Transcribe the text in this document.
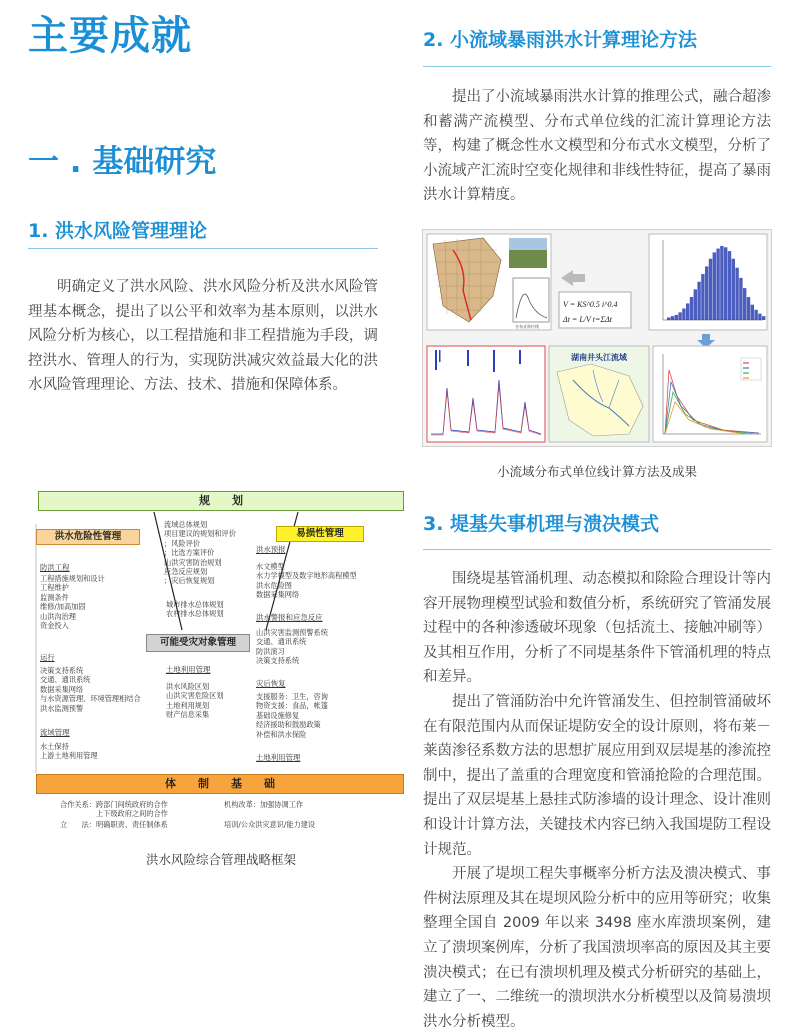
主要成就
一 . 基础研究
1. 洪水风险管理理论

明确定义了洪水风险、洪水风险分析及洪水风险管理基本概念，提出了以公平和效率为基本原则，以洪水风险分析为核心，以工程措施和非工程措施为手段，调控洪水、管理人的行为，实现防洪减灾效益最大化的洪水风险管理理论、方法、技术、措施和保障体系。

2. 小流域暴雨洪水计算理论方法

提出了小流域暴雨洪水计算的推理公式，融合超渗和蓄满产流模型、分布式单位线的汇流计算理论方法等，构建了概念性水文模型和分布式水文模型，分析了小流域产汇流时空变化规律和非线性特征，提高了暴雨洪水计算精度。

分布式单位线
V = KS^0.5 i^0.4
Δt = L/V t=ΣΔt
湖南井头江流域
小流域分布式单位线计算方法及成果
3. 堤基失事机理与溃决模式

围绕堤基管涌机理、动态模拟和除险合理设计等内容开展物理模型试验和数值分析，系统研究了管涌发展过程中的各种渗透破坏现象（包括流土、接触冲刷等）及其相互作用，分析了不同堤基条件下管涌机理的特点和差异。

提出了管涌防治中允许管涌发生、但控制管涌破坏在有限范围内从而保证堤防安全的设计原则，将布莱－莱茵渗径系数方法的思想扩展应用到双层堤基的渗流控制中，提出了盖重的合理宽度和管涌抢险的合理范围。提出了双层堤基上悬挂式防渗墙的设计理念、设计准则和设计计算方法，关键技术内容已纳入我国堤防工程设计规范。

开展了堤坝工程失事概率分析方法及溃决模式、事件树法原理及其在堤坝风险分析中的应用等研究；收集整理全国自 2009 年以来 3498 座水库溃坝案例，建立了溃坝案例库，分析了我国溃坝率高的原因及其主要溃决模式；在已有溃坝机理及模式分析研究的基础上，建立了一、二维统一的溃坝洪水分析模型以及简易溃坝洪水分析模型。

规　　划
流域总体规划
项目建议的规划和评价
；风险评价
；比选方案评价
山洪灾害防治规划
应急反应规划
；灾后恢复规划
城市排水总体规划
农村排水总体规划
洪水危险性管理	易损性管理
可能受灾对象管理
防洪工程
工程措施规划和设计
工程维护
监测条件
维修/加高加固
山洪沟治理
资金投入
运行
决策支持系统
交通、通讯系统
数据采集网络
与水资源管理、环境管理相结合
洪水监测预警
流域管理
水土保持
上游土地利用管理
土地利用管理
洪水风险区划
山洪灾害危险区划
土地利用规划
财产信息采集
洪水预报
水文模型
水力学模型及数字地形高程模型
洪水危险图
数据采集网络
洪水警报和应急反应
山洪灾害监测预警系统
交通、通讯系统
防洪演习
决策支持系统
灾后恢复
支援服务：卫生，咨询
物资支援：食品，帐篷
基础设施修复
经济援助和鼓励政策
补偿和洪水保险
土地利用管理
体　　制　　基　　础
合作关系：跨部门间统政府的合作
　　　　　上下级政府之间的合作
立　　法：明确职责、责任制体系
机构改革：加强协调工作
培训/公众洪灾意识/能力建设
洪水风险综合管理战略框架
